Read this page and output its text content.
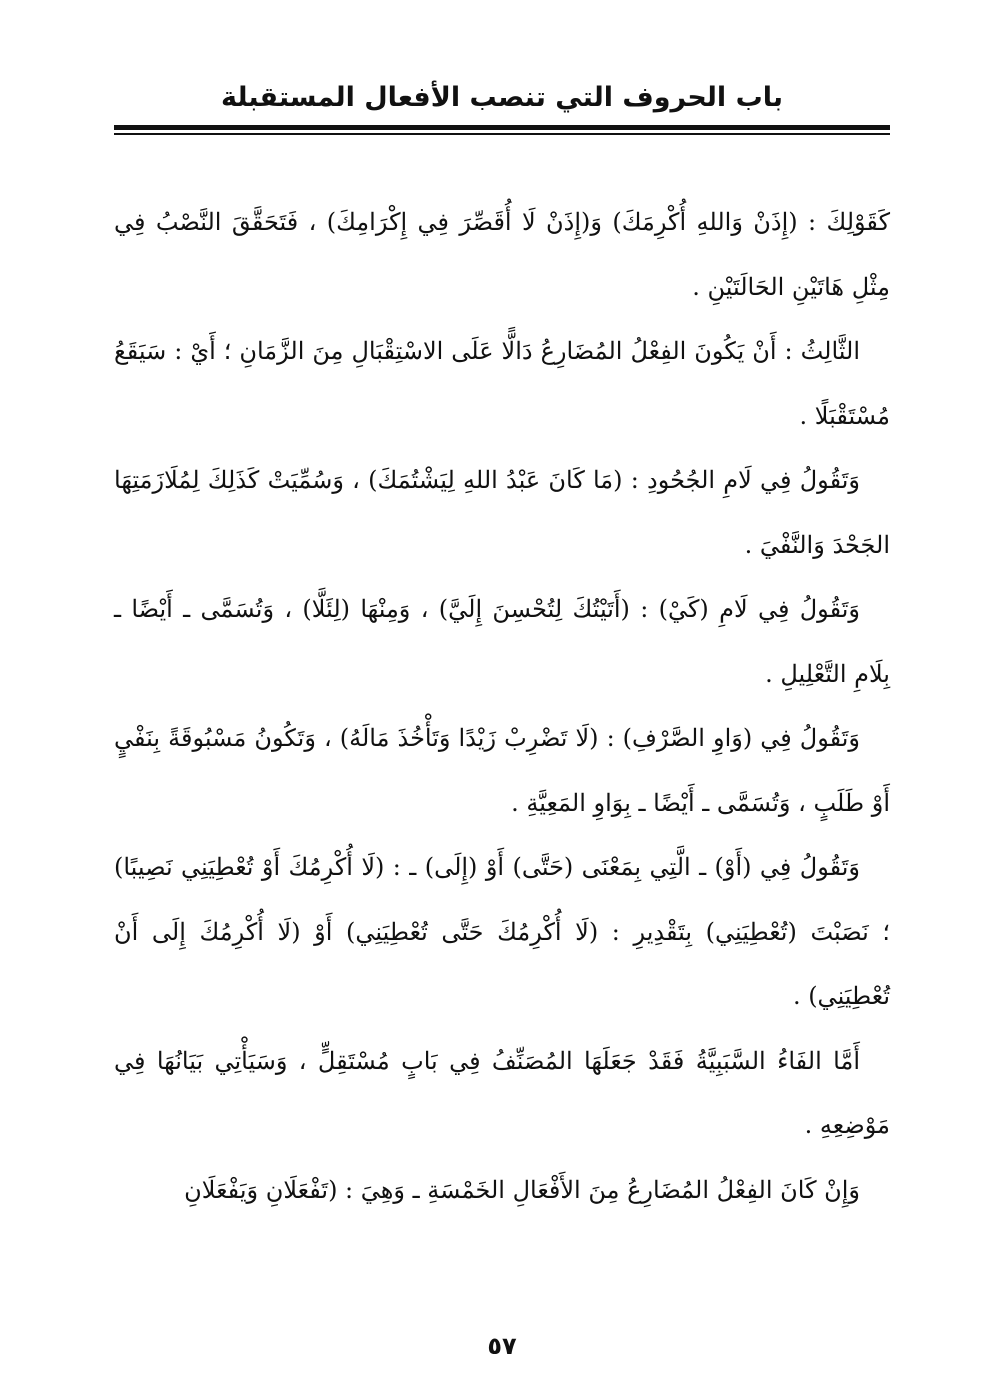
باب الحروف التي تنصب الأفعال المستقبلة

كَقَوْلِكَ : (إِذَنْ وَاللهِ أُكْرِمَكَ) وَ(إِذَنْ لَا أُقَصِّرَ فِي إِكْرَامِكَ) ، فَتَحَقَّقَ النَّصْبُ فِي مِثْلِ هَاتَيْنِ الحَالَتَيْنِ .

الثَّالِثُ : أَنْ يَكُونَ الفِعْلُ المُضَارِعُ دَالًّا عَلَى الاسْتِقْبَالِ مِنَ الزَّمَانِ ؛ أَيْ : سَيَقَعُ مُسْتَقْبَلًا .

وَتَقُولُ فِي لَامِ الجُحُودِ : (مَا كَانَ عَبْدُ اللهِ لِيَشْتُمَكَ) ، وَسُمِّيَتْ كَذَلِكَ لِمُلَازَمَتِهَا الجَحْدَ وَالنَّفْيَ .

وَتَقُولُ فِي لَامِ (كَيْ) : (أَتَيْتُكَ لِتُحْسِنَ إِلَيَّ) ، وَمِنْهَا (لِئَلَّا) ، وَتُسَمَّى ـ أَيْضًا ـ بِلَامِ التَّعْلِيلِ .

وَتَقُولُ فِي (وَاوِ الصَّرْفِ) : (لَا تَضْرِبْ زَيْدًا وَتَأْخُذَ مَالَهُ) ، وَتَكُونُ مَسْبُوقَةً بِنَفْيٍ أَوْ طَلَبٍ ، وَتُسَمَّى ـ أَيْضًا ـ بِوَاوِ المَعِيَّةِ .

وَتَقُولُ فِي (أَوْ) ـ الَّتِي بِمَعْنَى (حَتَّى) أَوْ (إِلَى) ـ : (لَا أُكْرِمُكَ أَوْ تُعْطِيَنِي نَصِيبًا) ؛ نَصَبْتَ (تُعْطِيَنِي) بِتَقْدِيرِ : (لَا أُكْرِمُكَ حَتَّى تُعْطِيَنِي) أَوْ (لَا أُكْرِمُكَ إِلَى أَنْ تُعْطِيَنِي) .

أَمَّا الفَاءُ السَّبَبِيَّةُ فَقَدْ جَعَلَهَا المُصَنِّفُ فِي بَابٍ مُسْتَقِلٍّ ، وَسَيَأْتِي بَيَانُهَا فِي مَوْضِعِهِ .

وَإِنْ كَانَ الفِعْلُ المُضَارِعُ مِنَ الأَفْعَالِ الخَمْسَةِ ـ وَهِيَ : (تَفْعَلَانِ وَيَفْعَلَانِ

٥٧
